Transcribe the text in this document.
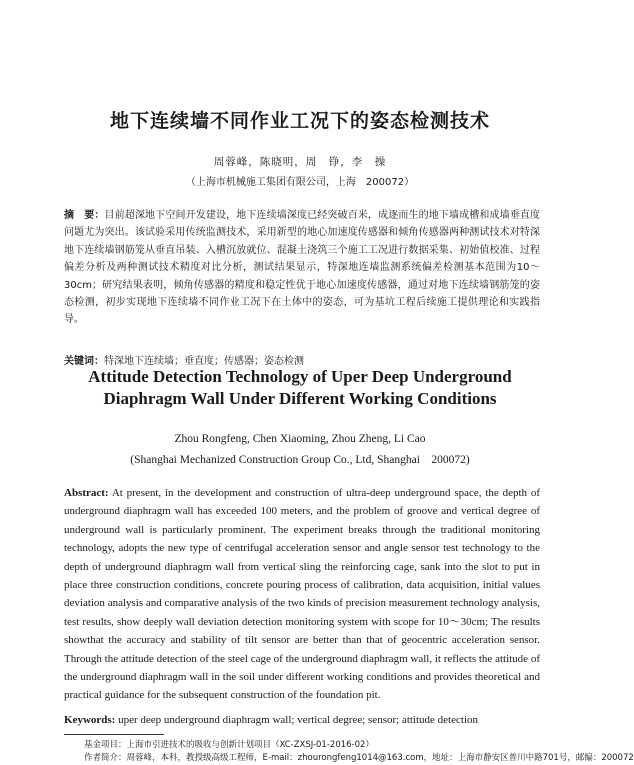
地下连续墙不同作业工况下的姿态检测技术
周蓉峰，陈晓明，周　铮，李　操
（上海市机械施工集团有限公司，上海　200072）
摘　要：目前超深地下空间开发建设，地下连续墙深度已经突破百米，成逐而生的地下墙成槽和成墙垂直度问题尤为突出。该试验采用传统监测技术，采用新型的地心加速度传感器和倾角传感器两种测试技术对特深地下连续墙钢筋笼从垂直吊装、入槽沉放就位、混凝土浇筑三个施工工况进行数据采集、初始值校准、过程偏差分析及两种测试技术精度对比分析，测试结果显示，特深地连墙监测系统偏差检测基本范围为10～30cm；研究结果表明，倾角传感器的精度和稳定性优于地心加速度传感器，通过对地下连续墙钢筋笼的姿态检测，初步实现地下连续墙不同作业工况下在土体中的姿态，可为基坑工程后续施工提供理论和实践指导。
关键词：特深地下连续墙；垂直度；传感器；姿态检测
Attitude Detection Technology of Uper Deep Underground
Diaphragm Wall Under Different Working Conditions
Zhou Rongfeng, Chen Xiaoming, Zhou Zheng, Li Cao
(Shanghai Mechanized Construction Group Co., Ltd, Shanghai　200072)
Abstract: At present, in the development and construction of ultra-deep underground space, the depth of underground diaphragm wall has exceeded 100 meters, and the problem of groove and vertical degree of underground wall is particularly prominent. The experiment breaks through the traditional monitoring technology, adopts the new type of centrifugal acceleration sensor and angle sensor test technology to the depth of underground diaphragm wall from vertical sling the reinforcing cage, sank into the slot to put in place three construction conditions, concrete pouring process of calibration, data acquisition, initial values deviation analysis and comparative analysis of the two kinds of precision measurement technology analysis, test results, show deeply wall deviation detection monitoring system with scope for 10～30cm; The results showthat the accuracy and stability of tilt sensor are better than that of geocentric acceleration sensor. Through the attitude detection of the steel cage of the underground diaphragm wall, it reflects the attitude of the underground diaphragm wall in the soil under different working conditions and provides theoretical and practical guidance for the subsequent construction of the foundation pit.
Keywords: uper deep underground diaphragm wall; vertical degree; sensor; attitude detection
基金项目：上海市引进技术的吸收与创新计划项目（XC-ZXSJ-01-2016-02）
作者简介：周蓉峰，本科，教授级高级工程师，E-mail：zhourongfeng1014@163.com，地址：上海市静安区普川中路701号，邮编：200072
